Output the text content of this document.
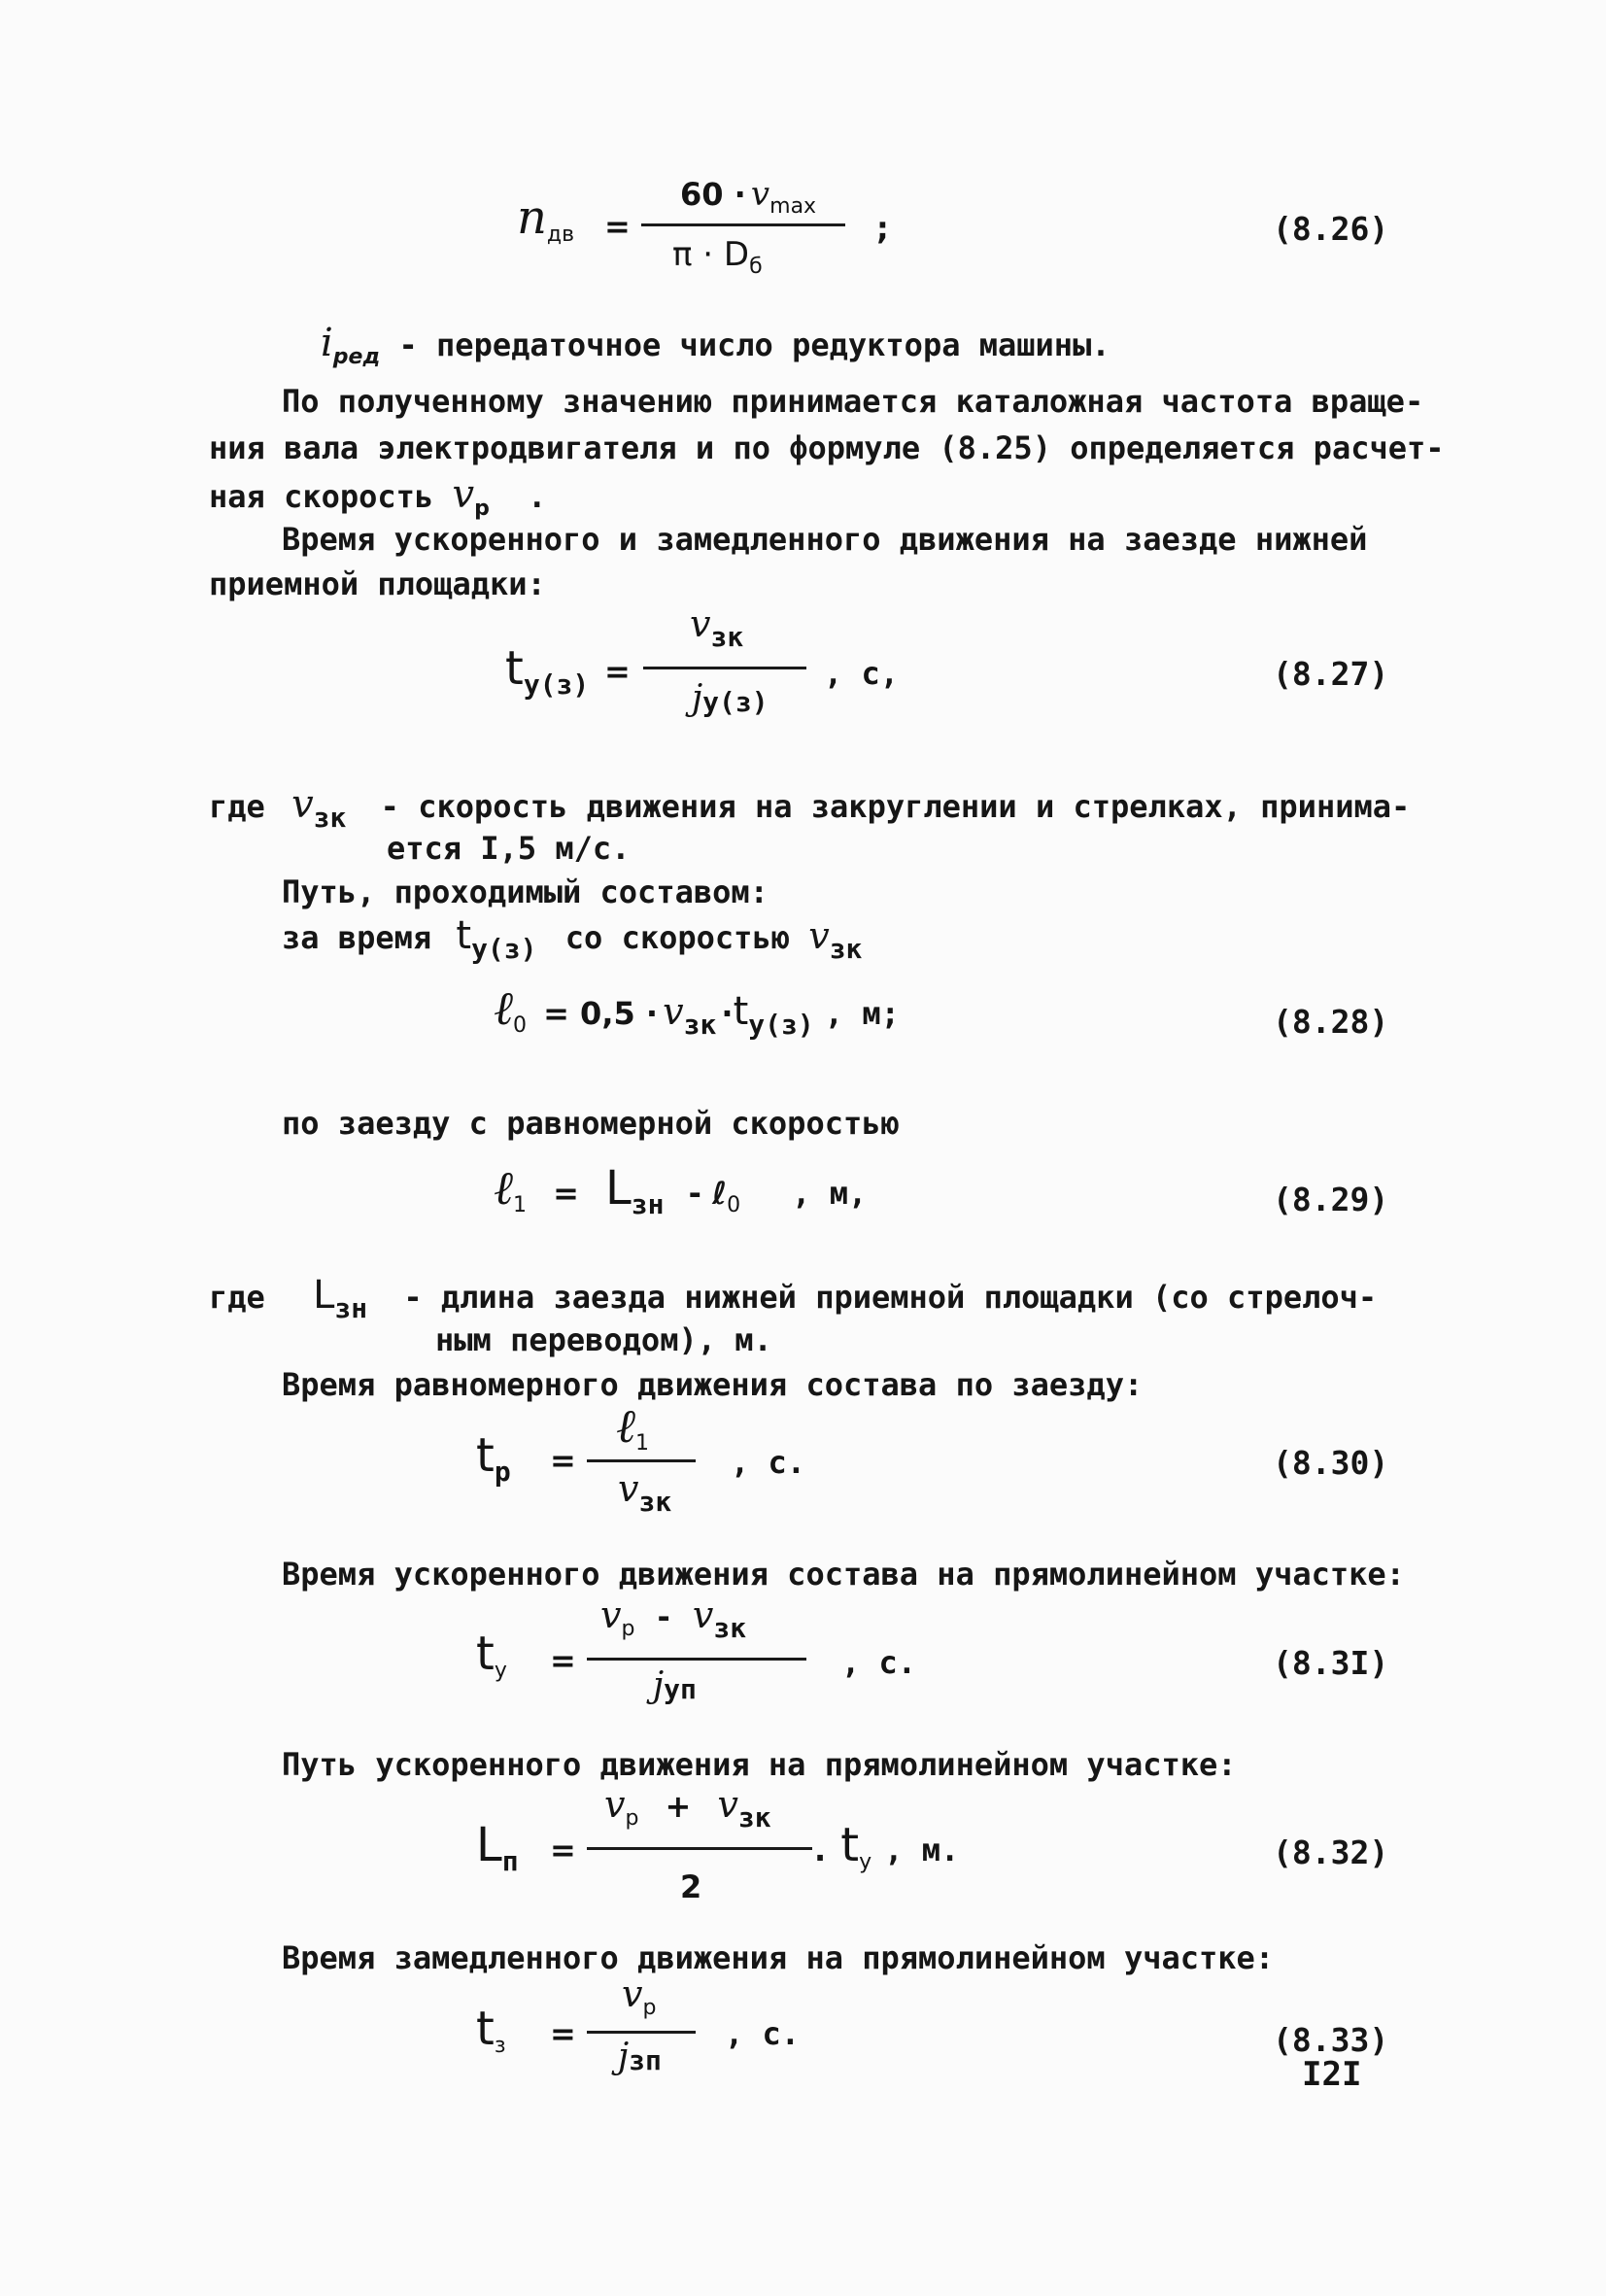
nдв =
60 · vmax
$\pi \cdot D_б$
;	(8.26)
$i_{ред}$ - передаточное число редуктора машины.
По полученному значению принимается каталожная частота враще-
ния вала электродвигателя и по формуле (8.25) определяется расчет-
ная скорость $v_р$ .
Время ускоренного и замедленного движения на заезде нижней
приемной площадки:
tу(з) =
vзк
jу(з)
, с,	(8.27)
где vзк - скорость движения на закруглении и стрелках, принима-
ется I,5 м/с.
Путь, проходимый составом:
за время tу(з) со скоростью vзк
ℓ0 = 0,5 · vзк ·tу(з) , м;	(8.28)
по заезду с равномерной скоростью
ℓ1 = Lзн - ℓ0 , м,	(8.29)
где Lзн - длина заезда нижней приемной площадки (со стрелоч-
ным переводом), м.
Время равномерного движения состава по заезду:
tр =
ℓ1
vзк
, с.	(8.30)
Время ускоренного движения состава на прямолинейном участке:
tу =
vр - vзк
jуп
, с.	(8.3I)
Путь ускоренного движения на прямолинейном участке:
Lп =
vр + vзк
2
. tу , м.	(8.32)
Время замедленного движения на прямолинейном участке:
tз =
vр
jзп
, с.	(8.33)
I2I
